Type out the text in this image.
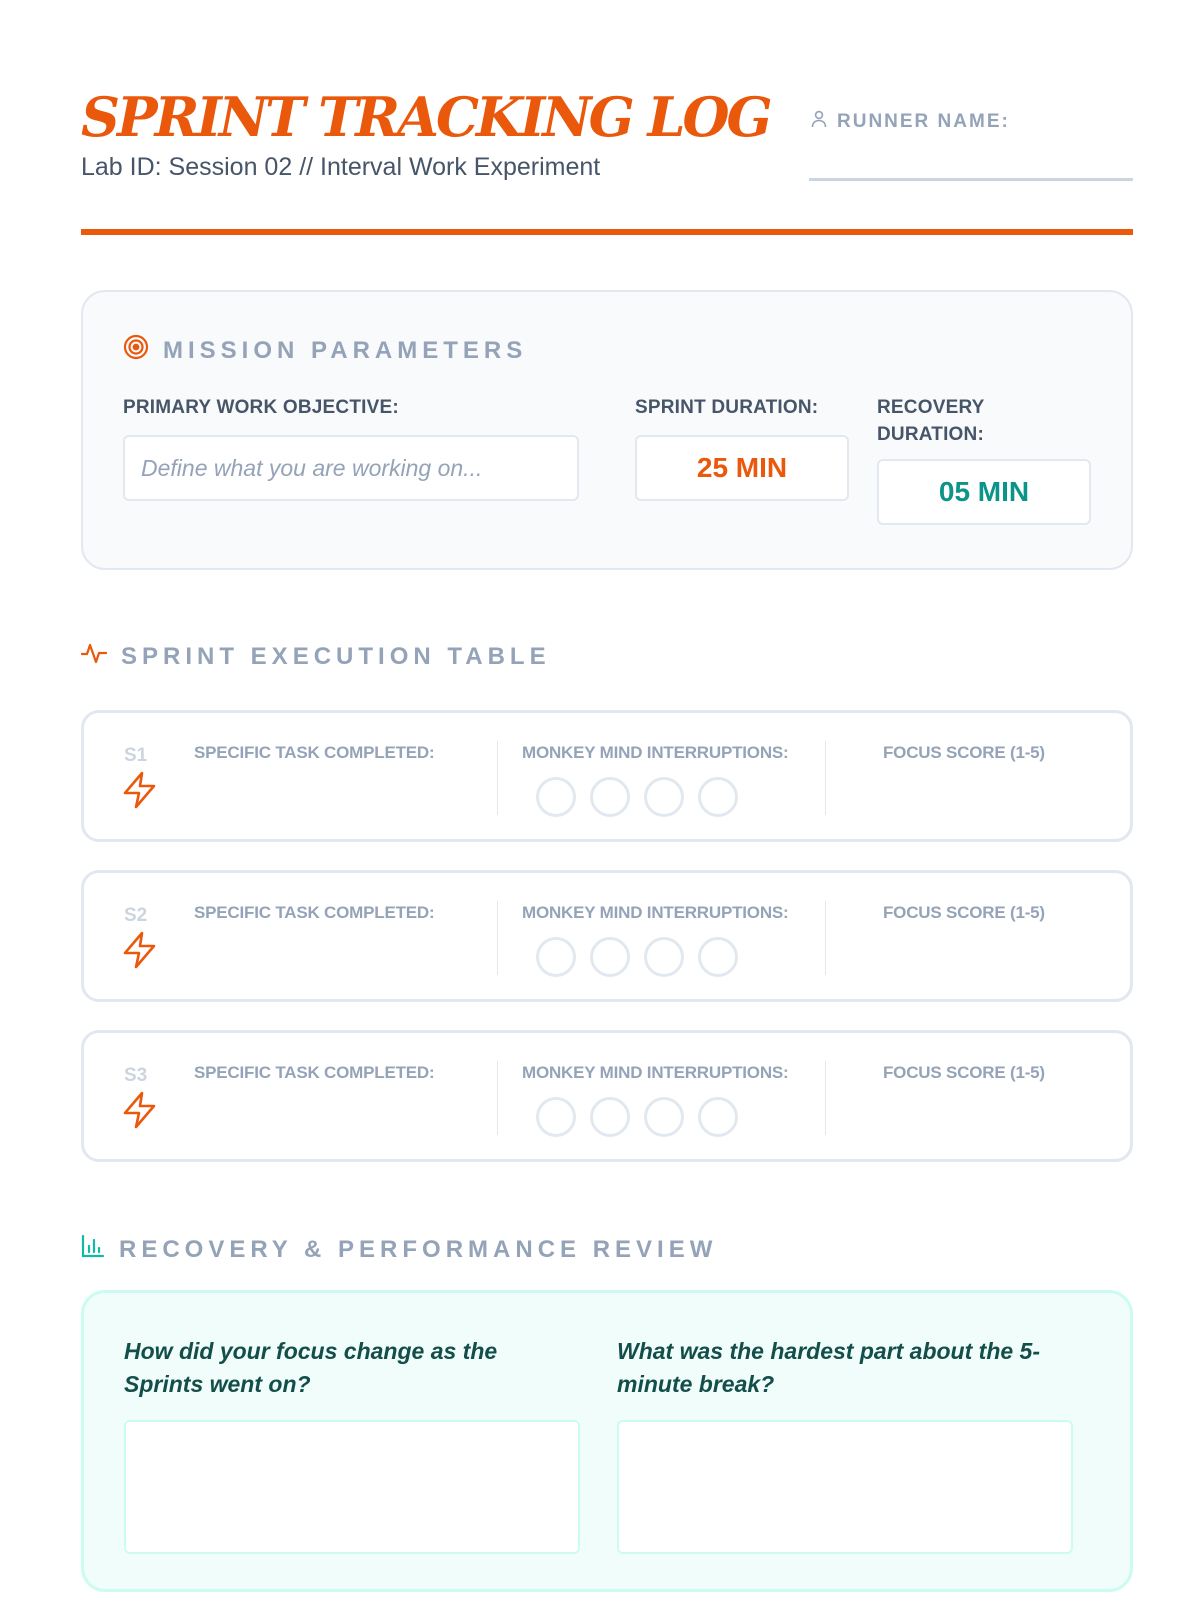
SPRINT TRACKING LOG
Lab ID: Session 02 // Interval Work Experiment
RUNNER NAME:
MISSION PARAMETERS
PRIMARY WORK OBJECTIVE:
Define what you are working on...
SPRINT DURATION:
25 MIN
RECOVERY DURATION:
05 MIN
SPRINT EXECUTION TABLE
S1	SPECIFIC TASK COMPLETED:	MONKEY MIND INTERRUPTIONS:	FOCUS SCORE (1-5)
S2	SPECIFIC TASK COMPLETED:	MONKEY MIND INTERRUPTIONS:	FOCUS SCORE (1-5)
S3	SPECIFIC TASK COMPLETED:	MONKEY MIND INTERRUPTIONS:	FOCUS SCORE (1-5)
RECOVERY & PERFORMANCE REVIEW
How did your focus change as the Sprints went on?
What was the hardest part about the 5-minute break?
